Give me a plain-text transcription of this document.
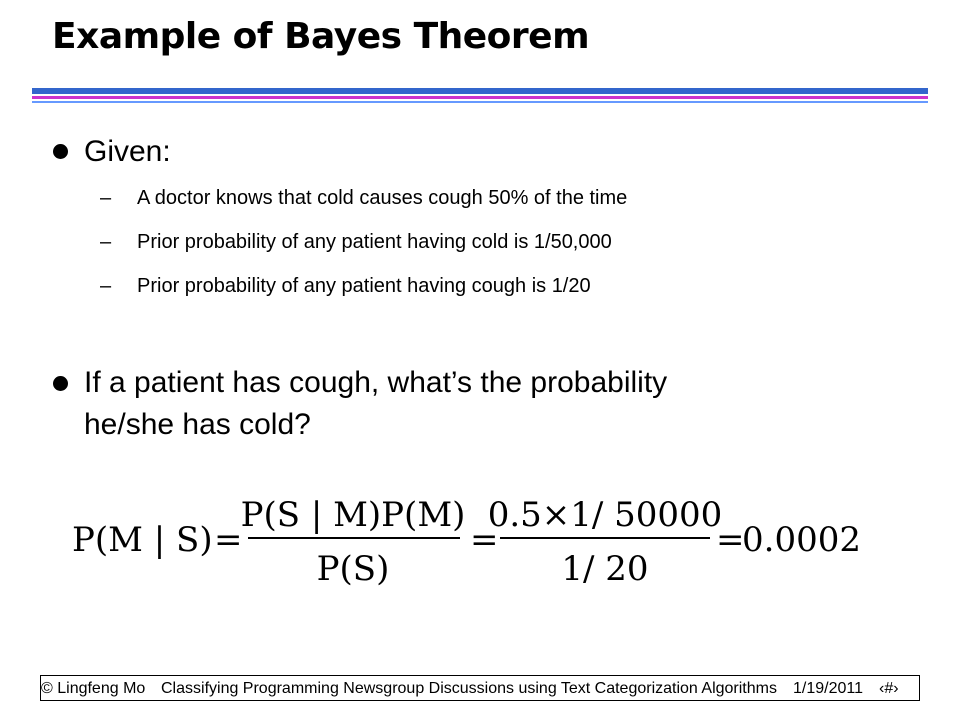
Example of Bayes Theorem
Given:
– A doctor knows that cold causes cough 50% of the time
– Prior probability of any patient having cold is 1/50,000
– Prior probability of any patient having cough is 1/20
If a patient has cough, what’s the probability
he/she has cold?
P(M | S) =
P(S | M)P(M)
P(S)
=
0.5×1/ 50000
1/ 20
=
0.0002
© Lingfeng Mo Classifying Programming Newsgroup Discussions using Text Categorization Algorithms 1/19/2011 ‹#›
